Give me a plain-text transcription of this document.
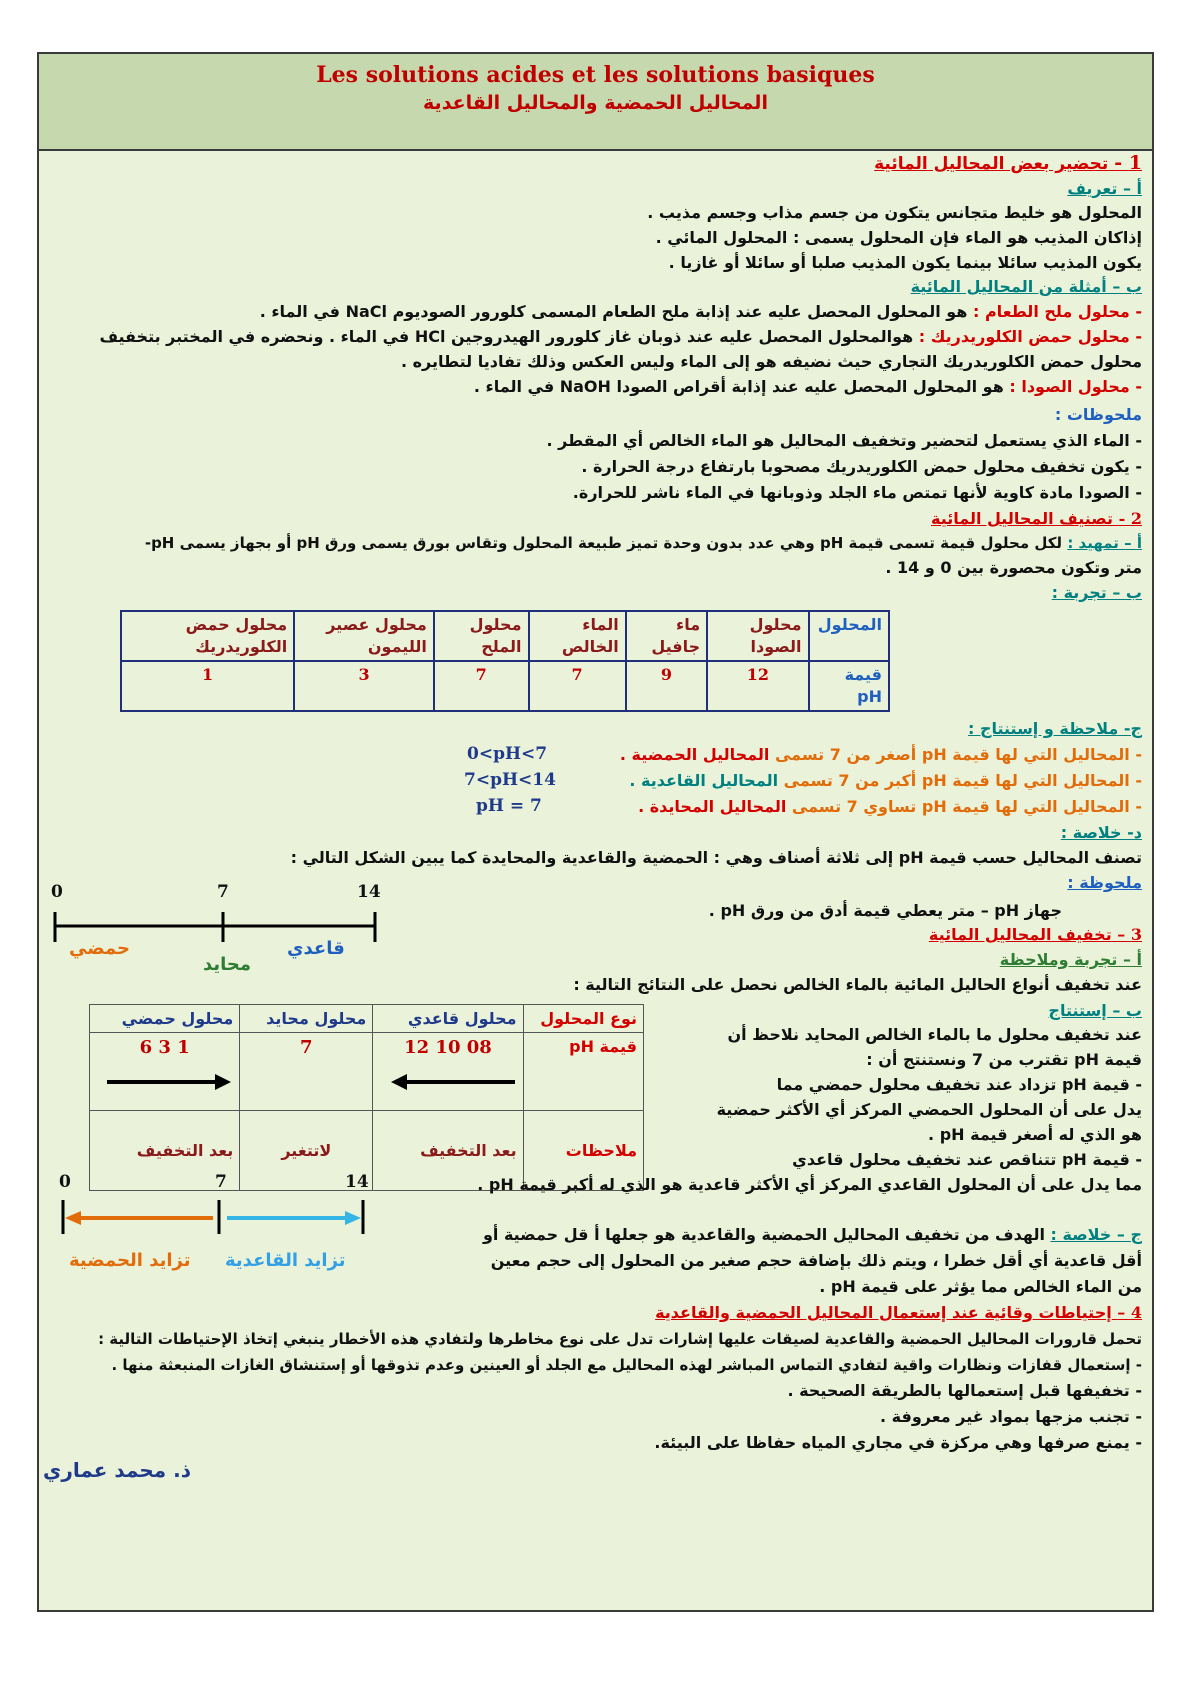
Les solutions acides et les solutions basiques
المحاليل الحمضية والمحاليل القاعدية
1 - تحضير بعض المحاليل المائية
أ – تعريف
المحلول هو خليط متجانس يتكون من جسم مذاب وجسم مذيب .
إذاكان المذيب هو الماء فإن المحلول يسمى : المحلول المائي .
يكون المذيب سائلا بينما يكون المذيب صلبا أو سائلا أو غازيا .
ب – أمثلة من المحاليل المائية
- محلول ملح الطعام : هو المحلول المحصل عليه عند إذابة ملح الطعام المسمى كلورور الصوديوم NaCl في الماء .
- محلول حمض الكلوريدريك : هوالمحلول المحصل عليه عند ذوبان غاز كلورور الهيدروجين HCl في الماء . ونحضره في المختبر بتخفيف
محلول حمض الكلوريدريك التجاري حيث نضيفه هو إلى الماء وليس العكس وذلك تفاديا لتطايره .
- محلول الصودا : هو المحلول المحصل عليه عند إذابة أقراص الصودا NaOH في الماء .
ملحوظات :
- الماء الذي يستعمل لتحضير وتخفيف المحاليل هو الماء الخالص أي المقطر .
- يكون تخفيف محلول حمض الكلوريدريك مصحوبا بارتفاع درجة الحرارة .
- الصودا مادة كاوية لأنها تمتص ماء الجلد وذوبانها في الماء ناشر للحرارة.
2 - تصنيف المحاليل المائية
أ – تمهيد : لكل محلول قيمة تسمى قيمة pH وهي عدد بدون وحدة تميز طبيعة المحلول وتقاس بورق يسمى ورق pH أو بجهاز يسمى pH-
متر وتكون محصورة بين 0 و 14 .
ب – تجربة :
المحلول	محلول الصودا	ماء جافيل	الماء الخالص	محلول الملح	محلول عصير الليمون	محلول حمض الكلوريدريك
قيمة pH	12	9	7	7	3	1
ج- ملاحظة و إستنتاج :
- المحاليل التي لها قيمة pH أصغر من 7 تسمى المحاليل الحمضية .
0<pH<7
- المحاليل التي لها قيمة pH أكبر من 7 تسمى المحاليل القاعدية .
7<pH<14
- المحاليل التي لها قيمة pH تساوي 7 تسمى المحاليل المحايدة .
pH = 7
د- خلاصة :
تصنف المحاليل حسب قيمة pH إلى ثلاثة أصناف وهي : الحمضية والقاعدية والمحايدة كما يبين الشكل التالي :
ملحوظة :
جهاز pH – متر يعطي قيمة أدق من ورق pH .
0	7	14
حمضي
محايد
قاعدي
3 – تخفيف المحاليل المائية
أ – تجربة وملاحظة
عند تخفيف أنواع الحاليل المائية بالماء الخالص نحصل على النتائج التالية :
نوع المحلول	محلول قاعدي	محلول محايد	محلول حمضي
قيمة pH	08 10 12	7	1 3 6

ملاحظات	بعد التخفيف	لاتتغير	بعد التخفيف
ب – إستنتاج
عند تخفيف محلول ما بالماء الخالص المحايد نلاحظ أن
قيمة pH تقترب من 7 ونستنتج أن :
- قيمة pH تزداد عند تخفيف محلول حمضي مما
يدل على أن المحلول الحمضي المركز أي الأكثر حمضية
هو الذي له أصغر قيمة pH .
- قيمة pH تتناقص عند تخفيف محلول قاعدي
مما يدل على أن المحلول القاعدي المركز أي الأكثر قاعدية هو الذي له أكبر قيمة pH .
0	7	14
تزايد الحمضية تزايد القاعدية
ج – خلاصة : الهدف من تخفيف المحاليل الحمضية والقاعدية هو جعلها أ قل حمضية أو
أقل قاعدية أي أقل خطرا ، ويتم ذلك بإضافة حجم صغير من المحلول إلى حجم معين
من الماء الخالص مما يؤثر على قيمة pH .
4 – إحتياطات وقائية عند إستعمال المحاليل الحمضية والقاعدية
تحمل قارورات المحاليل الحمضية والقاعدية لصيقات عليها إشارات تدل على نوع مخاطرها ولتفادي هذه الأخطار ينبغي إتخاذ الإحتياطات التالية :
- إستعمال قفازات ونظارات واقية لتفادي التماس المباشر لهذه المحاليل مع الجلد أو العينين وعدم تذوقها أو إستنشاق الغازات المنبعثة منها .
- تخفيفها قبل إستعمالها بالطريقة الصحيحة .
- تجنب مزجها بمواد غير معروفة .
- يمنع صرفها وهي مركزة في مجاري المياه حفاظا على البيئة.
ذ. محمد عماري
